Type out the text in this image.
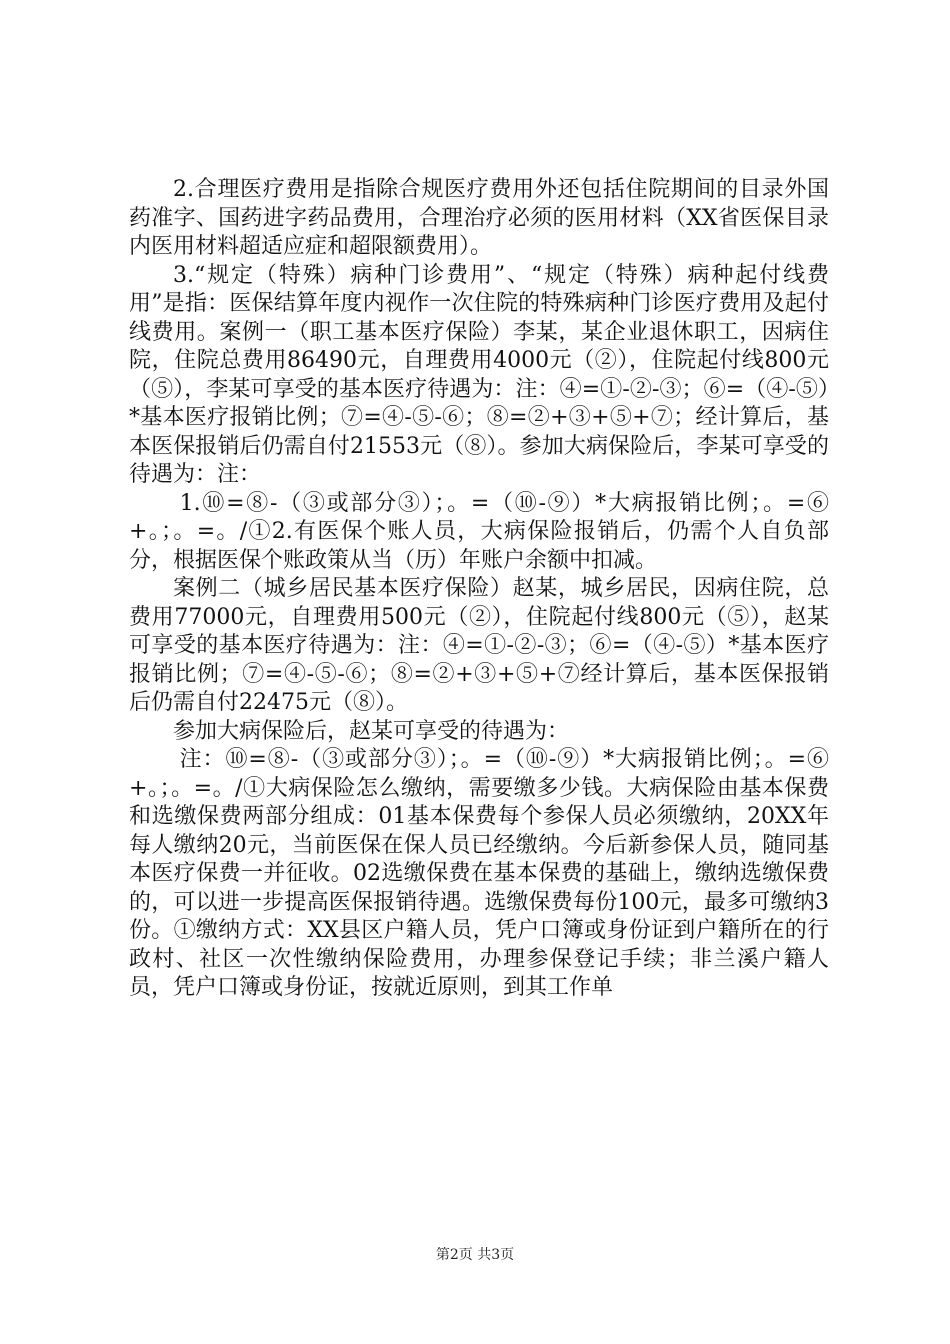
2.合理医疗费用是指除合规医疗费用外还包括住院期间的目录外国药准字、国药进字药品费用，合理治疗必须的医用材料（XX省医保目录内医用材料超适应症和超限额费用）。

3.“规定（特殊）病种门诊费用”、“规定（特殊）病种起付线费用”是指：医保结算年度内视作一次住院的特殊病种门诊医疗费用及起付线费用。案例一（职工基本医疗保险）李某，某企业退休职工，因病住院，住院总费用86490元，自理费用4000元（②），住院起付线800元（⑤），李某可享受的基本医疗待遇为：注：④=①-②-③；⑥=（④-⑤）*基本医疗报销比例；⑦=④-⑤-⑥；⑧=②+③+⑤+⑦；经计算后，基本医保报销后仍需自付21553元（⑧）。参加大病保险后，李某可享受的待遇为：注：

1.⑩=⑧-（③或部分③）；。=（⑩-⑨）*大病报销比例；。=⑥+。；。=。/①2.有医保个账人员，大病保险报销后，仍需个人自负部分，根据医保个账政策从当（历）年账户余额中扣减。

案例二（城乡居民基本医疗保险）赵某，城乡居民，因病住院，总费用77000元，自理费用500元（②），住院起付线800元（⑤），赵某可享受的基本医疗待遇为：注：④=①-②-③；⑥=（④-⑤）*基本医疗报销比例；⑦=④-⑤-⑥；⑧=②+③+⑤+⑦经计算后，基本医保报销后仍需自付22475元（⑧）。

参加大病保险后，赵某可享受的待遇为：

注：⑩=⑧-（③或部分③）；。=（⑩-⑨）*大病报销比例；。=⑥+。；。=。/①大病保险怎么缴纳，需要缴多少钱。大病保险由基本保费和选缴保费两部分组成：01基本保费每个参保人员必须缴纳，20XX年每人缴纳20元，当前医保在保人员已经缴纳。今后新参保人员，随同基本医疗保费一并征收。02选缴保费在基本保费的基础上，缴纳选缴保费的，可以进一步提高医保报销待遇。选缴保费每份100元，最多可缴纳3份。①缴纳方式：XX县区户籍人员，凭户口簿或身份证到户籍所在的行政村、社区一次性缴纳保险费用，办理参保登记手续；非兰溪户籍人员，凭户口簿或身份证，按就近原则，到其工作单

第2页 共3页
